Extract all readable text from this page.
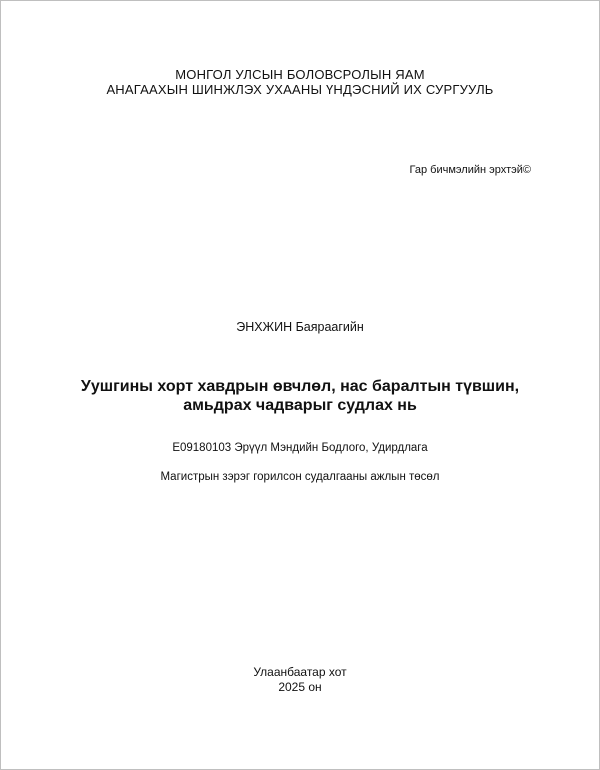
МОНГОЛ УЛСЫН БОЛОВСРОЛЫН ЯАМ

АНАГААХЫН ШИНЖЛЭХ УХААНЫ ҮНДЭСНИЙ ИХ СУРГУУЛЬ

Гар бичмэлийн эрхтэй©

ЭНХЖИН Баяраагийн

Уушгины хорт хавдрын өвчлөл, нас баралтын түвшин,

амьдрах чадварыг судлах нь

E09180103 Эрүүл Мэндийн Бодлого, Удирдлага

Магистрын зэрэг горилсон судалгааны ажлын төсөл

Улаанбаатар хот

2025 он
